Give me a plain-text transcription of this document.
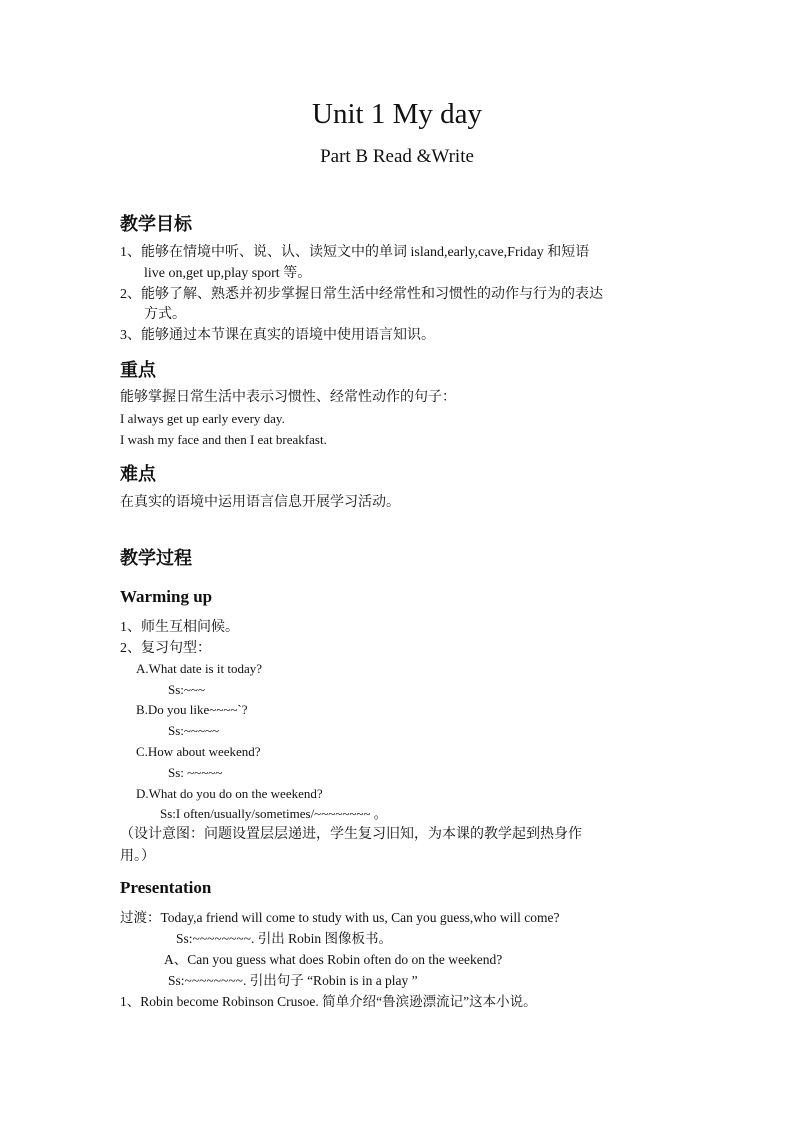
Unit 1 My day
Part B Read &Write
教学目标
1、能够在情境中听、说、认、读短文中的单词 island,early,cave,Friday 和短语
live on,get up,play sport 等。
2、能够了解、熟悉并初步掌握日常生活中经常性和习惯性的动作与行为的表达
方式。
3、能够通过本节课在真实的语境中使用语言知识。
重点
能够掌握日常生活中表示习惯性、经常性动作的句子：
I always get up early every day.
I wash my face and then I eat breakfast.
难点
在真实的语境中运用语言信息开展学习活动。
教学过程
Warming up
1、师生互相问候。
2、复习句型：
A.What date is it today?
Ss:~~~
B.Do you like~~~~`?
Ss:~~~~~
C.How about weekend?
Ss: ~~~~~
D.What do you do on the weekend?
Ss:I often/usually/sometimes/~~~~~~~~ 。
（设计意图：问题设置层层递进，学生复习旧知，为本课的教学起到热身作
用。）
Presentation
过渡：Today,a friend will come to study with us, Can you guess,who will come?
Ss:~~~~~~~~. 引出 Robin 图像板书。
A、Can you guess what does Robin often do on the weekend?
Ss:~~~~~~~~. 引出句子 “Robin is in a play ”
1、Robin become Robinson Crusoe. 简单介绍“鲁滨逊漂流记”这本小说。
